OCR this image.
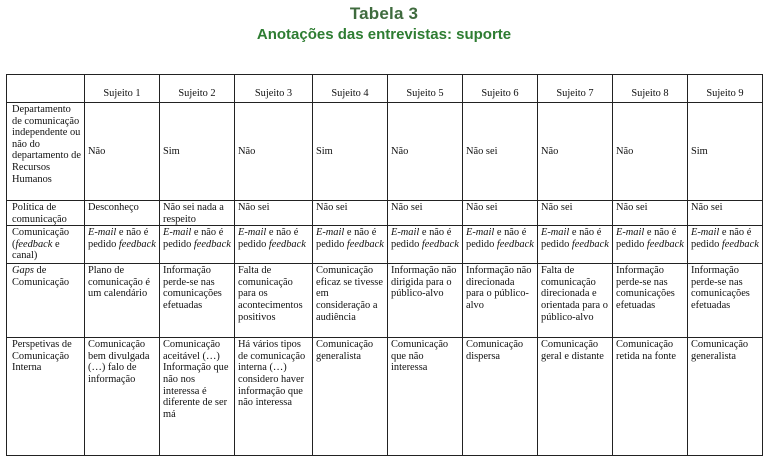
Tabela 3
Anotações das entrevistas: suporte
	Sujeito 1	Sujeito 2	Sujeito 3	Sujeito 4	Sujeito 5	Sujeito 6	Sujeito 7	Sujeito 8	Sujeito 9
Departamento de comunicação independente ou não do departamento de Recursos Humanos	Não	Sim	Não	Sim	Não	Não sei	Não	Não	Sim
Política de comunicação	Desconheço	Não sei nada a respeito	Não sei	Não sei	Não sei	Não sei	Não sei	Não sei	Não sei
Comunicação (feedback e canal)	E-mail e não é pedido feedback	E-mail e não é pedido feedback	E-mail e não é pedido feedback	E-mail e não é pedido feedback	E-mail e não é pedido feedback	E-mail e não é pedido feedback	E-mail e não é pedido feedback	E-mail e não é pedido feedback	E-mail e não é pedido feedback
Gaps de Comunicação	Plano de comunicação é um calendário	Informação perde-se nas comunicações efetuadas	Falta de comunicação para os acontecimentos positivos	Comunicação eficaz se tivesse em consideração a audiência	Informação não dirigida para o público-alvo	Informação não direcionada para o público-alvo	Falta de comunicação direcionada e orientada para o público-alvo	Informação perde-se nas comunicações efetuadas	Informação perde-se nas comunicações efetuadas
Perspetivas de Comunicação Interna	Comunicação bem divulgada (…) falo de informação	Comunicação aceitável (…) Informação que não nos interessa é diferente de ser má	Há vários tipos de comunicação interna (…) considero haver informação que não interessa	Comunicação generalista	Comunicação que não interessa	Comunicação dispersa	Comunicação geral e distante	Comunicação retida na fonte	Comunicação generalista
